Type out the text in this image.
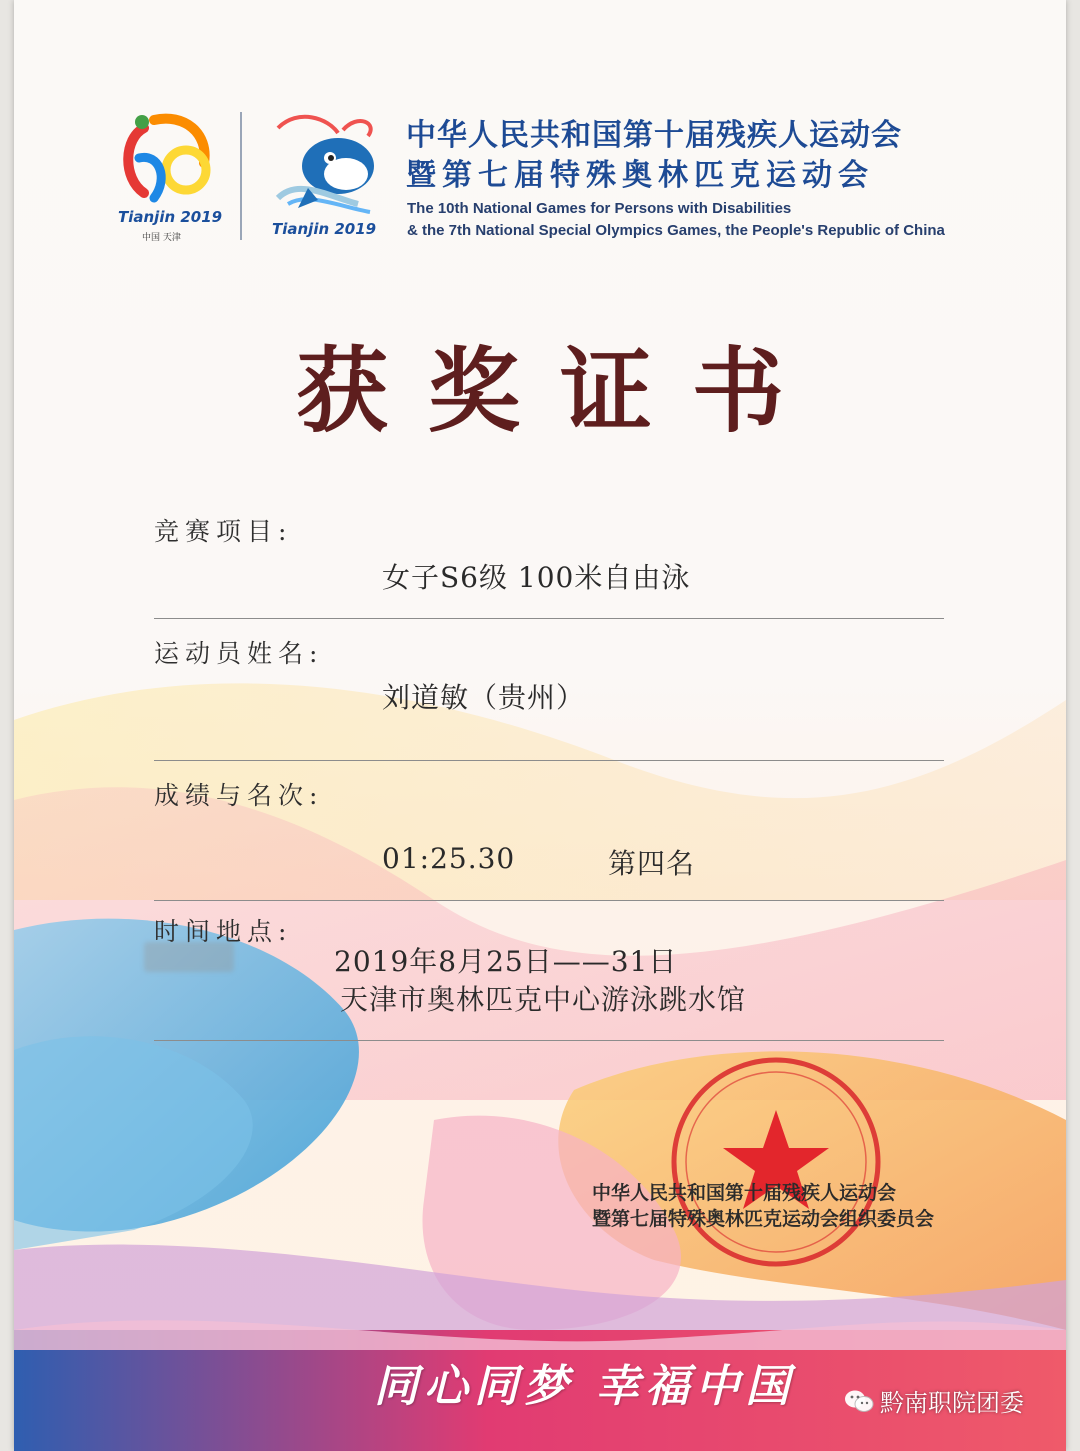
Tianjin 2019
中国 天津	Tianjin 2019
中华人民共和国第十届残疾人运动会
暨第七届特殊奥林匹克运动会
The 10th National Games for Persons with Disabilities
& the 7th National Special Olympics Games, the People's Republic of China
获奖证书
竞赛项目:
女子S6级 100米自由泳
运动员姓名:
刘道敏（贵州）
成绩与名次:
01:25.30	第四名
时间地点:
2019年8月25日——31日
天津市奥林匹克中心游泳跳水馆
中华人民共和国第十届残疾人运动会
暨第七届特殊奥林匹克运动会组织委员会
同心同梦 幸福中国	黔南职院团委
